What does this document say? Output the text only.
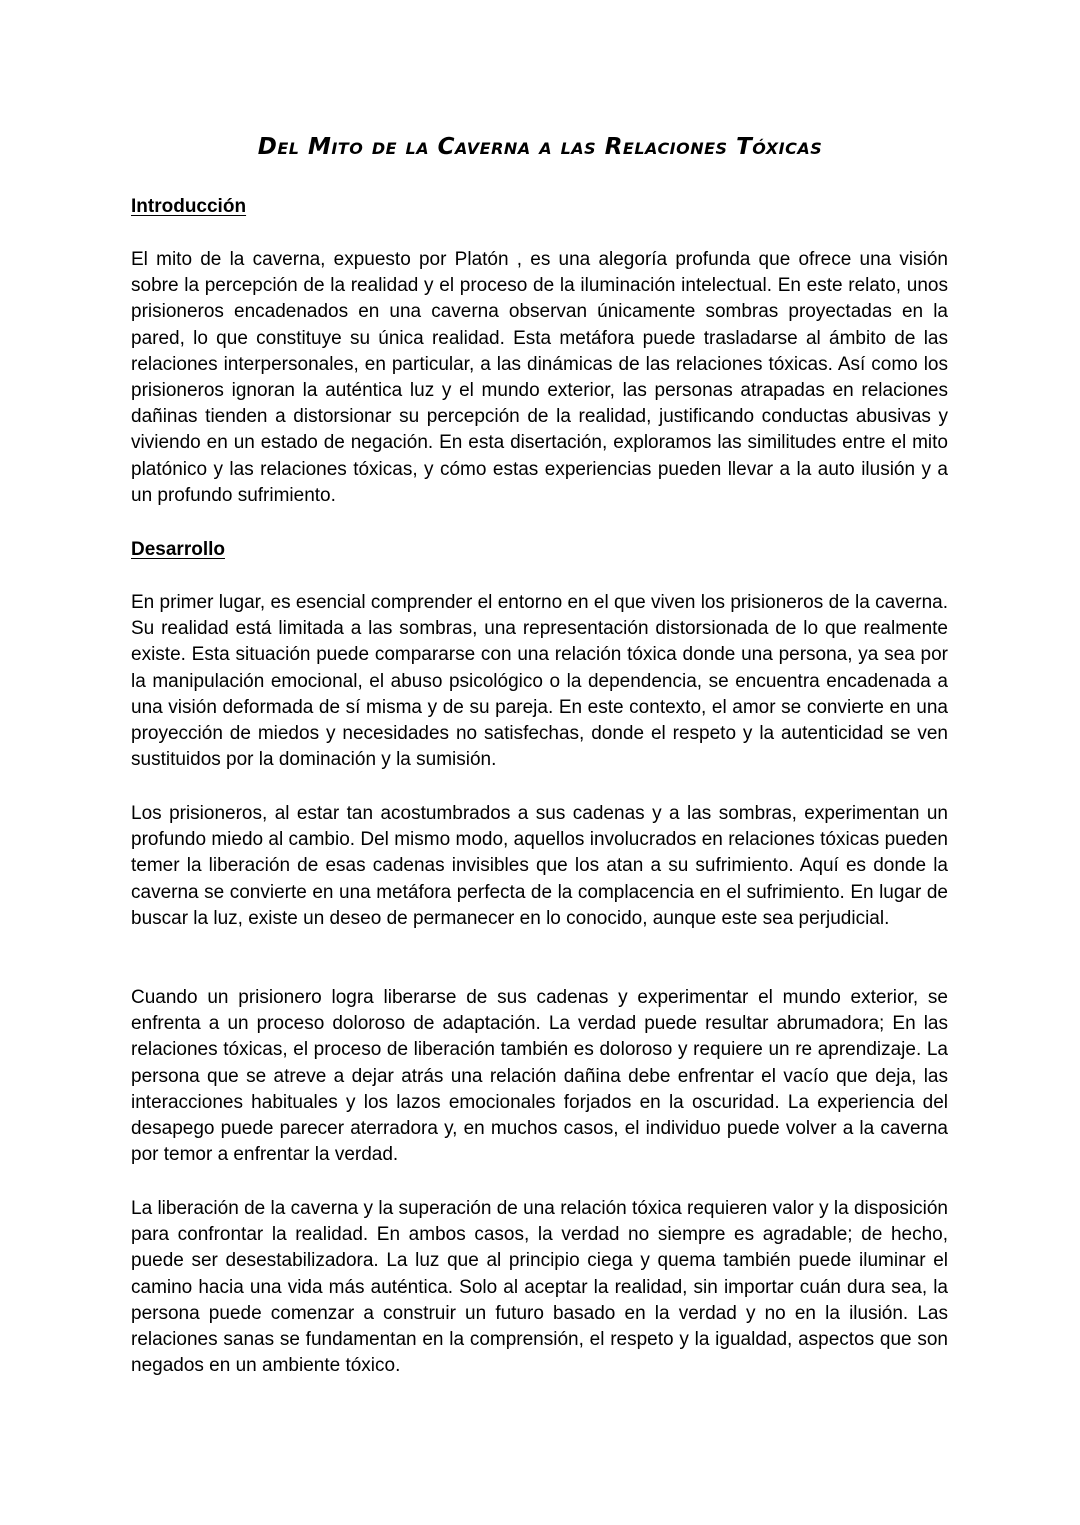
Del Mito de la Caverna a las Relaciones Tóxicas
Introducción

El mito de la caverna, expuesto por Platón , es una alegoría profunda que ofrece una visión sobre la percepción de la realidad y el proceso de la iluminación intelectual. En este relato, unos prisioneros encadenados en una caverna observan únicamente sombras proyectadas en la pared, lo que constituye su única realidad. Esta metáfora puede trasladarse al ámbito de las relaciones interpersonales, en particular, a las dinámicas de las relaciones tóxicas. Así como los prisioneros ignoran la auténtica luz y el mundo exterior, las personas atrapadas en relaciones dañinas tienden a distorsionar su percepción de la realidad, justificando conductas abusivas y viviendo en un estado de negación. En esta disertación, exploramos las similitudes entre el mito platónico y las relaciones tóxicas, y cómo estas experiencias pueden llevar a la auto ilusión y a un profundo sufrimiento.

Desarrollo

En primer lugar, es esencial comprender el entorno en el que viven los prisioneros de la caverna. Su realidad está limitada a las sombras, una representación distorsionada de lo que realmente existe. Esta situación puede compararse con una relación tóxica donde una persona, ya sea por la manipulación emocional, el abuso psicológico o la dependencia, se encuentra encadenada a una visión deformada de sí misma y de su pareja. En este contexto, el amor se convierte en una proyección de miedos y necesidades no satisfechas, donde el respeto y la autenticidad se ven sustituidos por la dominación y la sumisión.

Los prisioneros, al estar tan acostumbrados a sus cadenas y a las sombras, experimentan un profundo miedo al cambio. Del mismo modo, aquellos involucrados en relaciones tóxicas pueden temer la liberación de esas cadenas invisibles que los atan a su sufrimiento. Aquí es donde la caverna se convierte en una metáfora perfecta de la complacencia en el sufrimiento. En lugar de buscar la luz, existe un deseo de permanecer en lo conocido, aunque este sea perjudicial.

Cuando un prisionero logra liberarse de sus cadenas y experimentar el mundo exterior, se enfrenta a un proceso doloroso de adaptación. La verdad puede resultar abrumadora; En las relaciones tóxicas, el proceso de liberación también es doloroso y requiere un re aprendizaje. La persona que se atreve a dejar atrás una relación dañina debe enfrentar el vacío que deja, las interacciones habituales y los lazos emocionales forjados en la oscuridad. La experiencia del desapego puede parecer aterradora y, en muchos casos, el individuo puede volver a la caverna por temor a enfrentar la verdad.

La liberación de la caverna y la superación de una relación tóxica requieren valor y la disposición para confrontar la realidad. En ambos casos, la verdad no siempre es agradable; de hecho, puede ser desestabilizadora. La luz que al principio ciega y quema también puede iluminar el camino hacia una vida más auténtica. Solo al aceptar la realidad, sin importar cuán dura sea, la persona puede comenzar a construir un futuro basado en la verdad y no en la ilusión. Las relaciones sanas se fundamentan en la comprensión, el respeto y la igualdad, aspectos que son negados en un ambiente tóxico.
